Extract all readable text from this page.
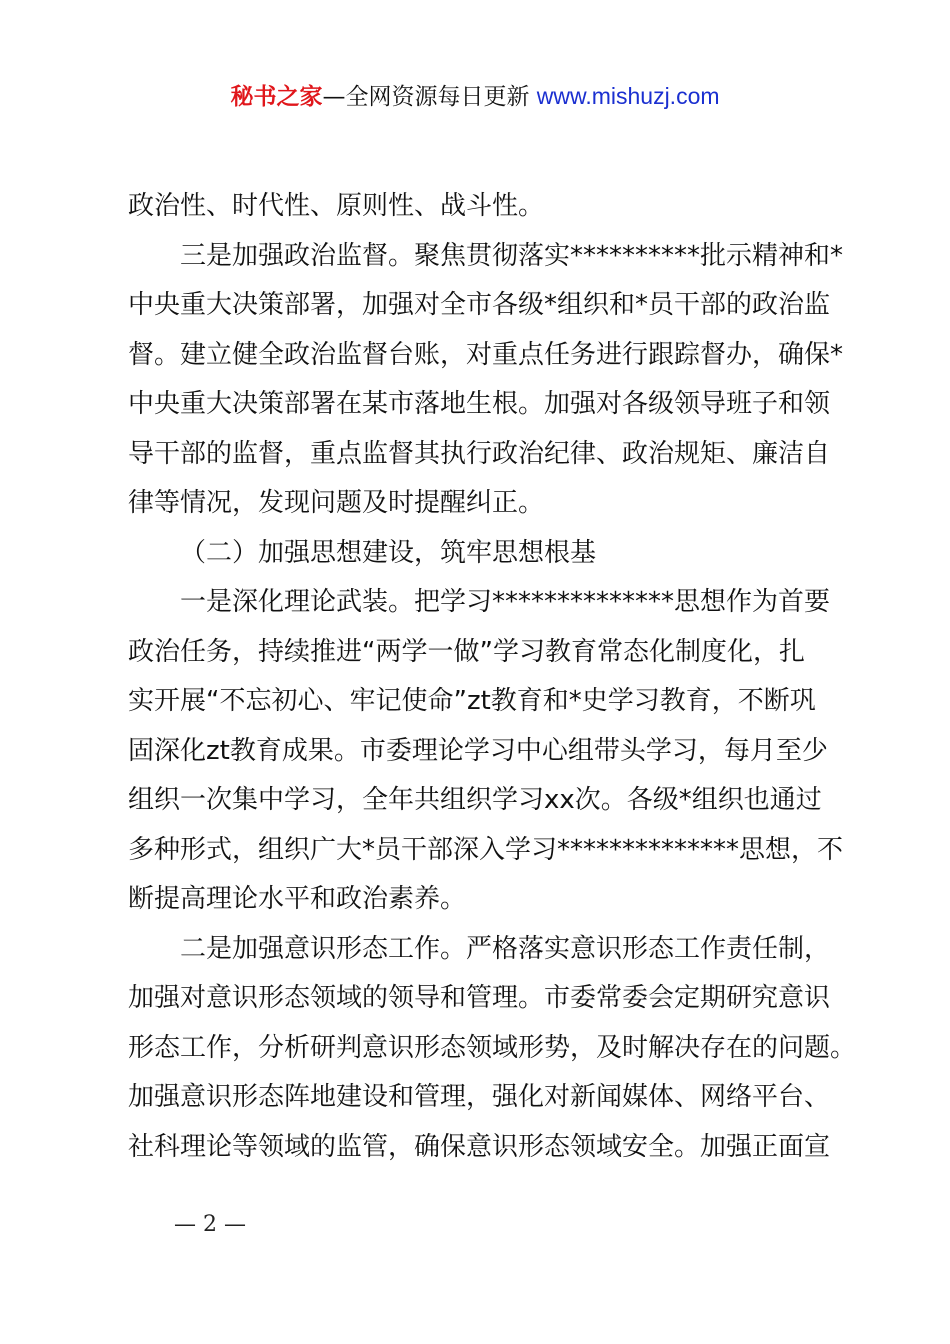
秘书之家—全网资源每日更新 www.mishuzj.com
政治性、时代性、原则性、战斗性。
三是加强政治监督。聚焦贯彻落实**********批示精神和*
中央重大决策部署，加强对全市各级*组织和*员干部的政治监
督。建立健全政治监督台账，对重点任务进行跟踪督办，确保*
中央重大决策部署在某市落地生根。加强对各级领导班子和领
导干部的监督，重点监督其执行政治纪律、政治规矩、廉洁自
律等情况，发现问题及时提醒纠正。
（二）加强思想建设，筑牢思想根基
一是深化理论武装。把学习**************思想作为首要
政治任务，持续推进“两学一做”学习教育常态化制度化，扎
实开展“不忘初心、牢记使命”zt教育和*史学习教育，不断巩
固深化zt教育成果。市委理论学习中心组带头学习，每月至少
组织一次集中学习，全年共组织学习xx次。各级*组织也通过
多种形式，组织广大*员干部深入学习**************思想，不
断提高理论水平和政治素养。
二是加强意识形态工作。严格落实意识形态工作责任制，
加强对意识形态领域的领导和管理。市委常委会定期研究意识
形态工作，分析研判意识形态领域形势，及时解决存在的问题。
加强意识形态阵地建设和管理，强化对新闻媒体、网络平台、
社科理论等领域的监管，确保意识形态领域安全。加强正面宣
— 2 —
